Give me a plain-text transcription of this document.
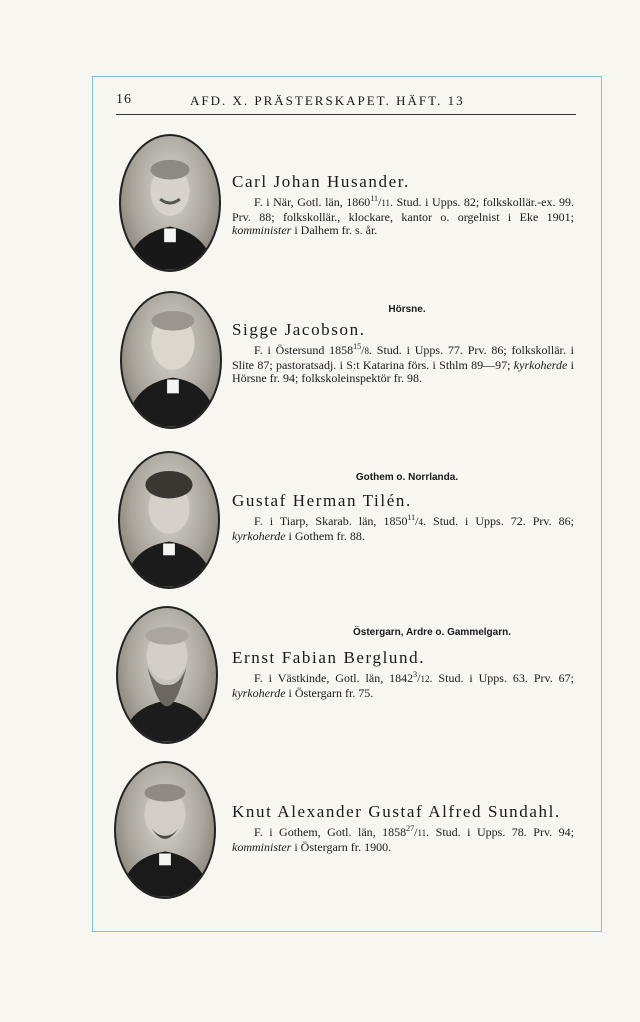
16	AFD. X. PRÄSTERSKAPET. HÄFT. 13
Carl Johan Husander.

F. i När, Gotl. län, 1860$^{11}$/11. Stud. i Upps. 82; folkskollär.-ex. 99. Prv. 88; folkskollär., klockare, kantor o. orgelnist i Eke 1901; komminister i Dalhem fr. s. år.

Hörsne.
Sigge Jacobson.

F. i Östersund 1858$^{15}$/8. Stud. i Upps. 77. Prv. 86; folkskollär. i Slite 87; pastoratsadj. i S:t Katarina förs. i Sthlm 89—97; kyrkoherde i Hörsne fr. 94; folkskoleinspektör fr. 98.

Gothem o. Norrlanda.
Gustaf Herman Tilén.

F. i Tiarp, Skarab. län, 1850$^{11}$/4. Stud. i Upps. 72. Prv. 86; kyrkoherde i Gothem fr. 88.

Östergarn, Ardre o. Gammelgarn.
Ernst Fabian Berglund.

F. i Västkinde, Gotl. län, 1842$^3$/12. Stud. i Upps. 63. Prv. 67; kyrkoherde i Östergarn fr. 75.

Knut Alexander Gustaf Alfred Sundahl.

F. i Gothem, Gotl. län, 1858$^{27}$/11. Stud. i Upps. 78. Prv. 94; komminister i Östergarn fr. 1900.
